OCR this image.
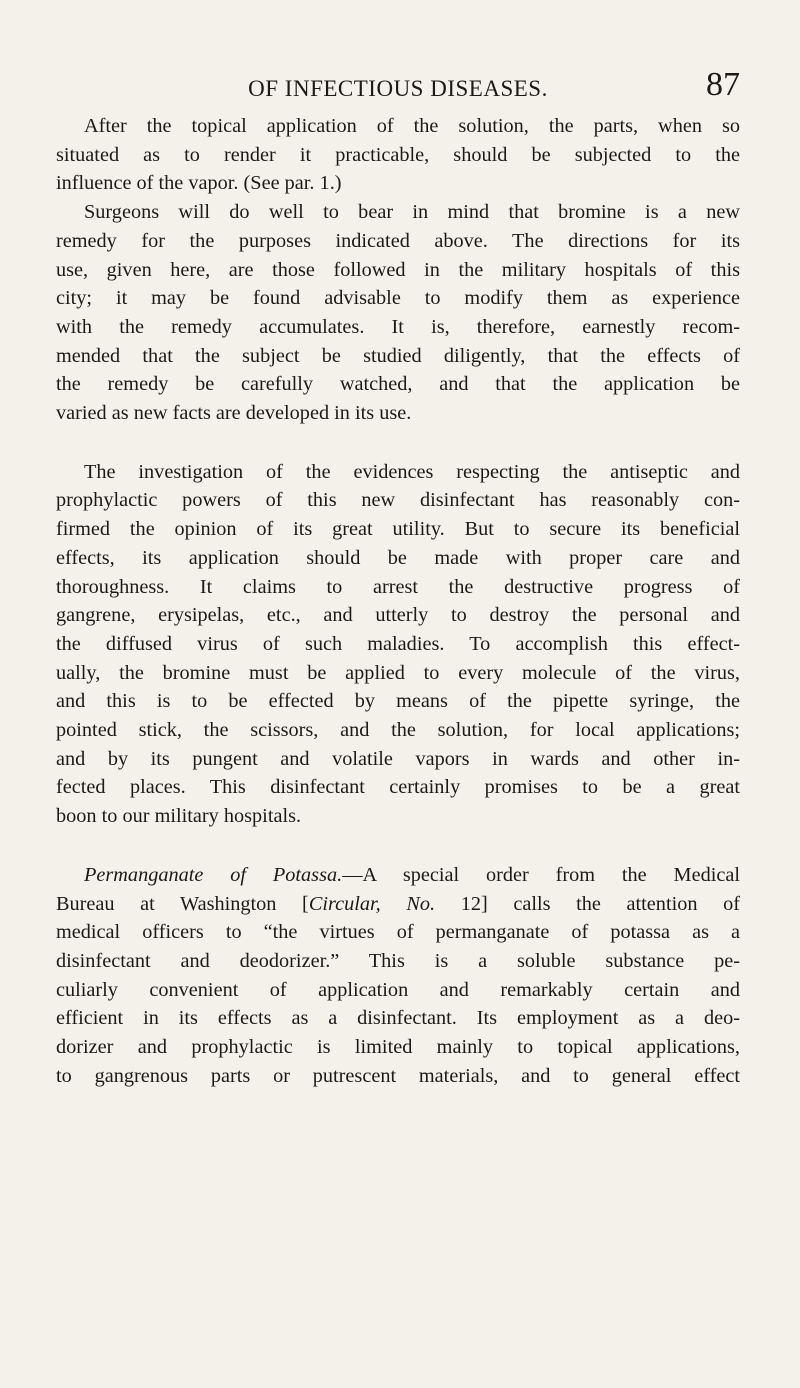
OF INFECTIOUS DISEASES.	87
After the topical application of the solution, the parts, when so
situated as to render it practicable, should be subjected to the
influence of the vapor. (See par. 1.)
Surgeons will do well to bear in mind that bromine is a new
remedy for the purposes indicated above. The directions for its
use, given here, are those followed in the military hospitals of this
city; it may be found advisable to modify them as experience
with the remedy accumulates. It is, therefore, earnestly recom-
mended that the subject be studied diligently, that the effects of
the remedy be carefully watched, and that the application be
varied as new facts are developed in its use.
The investigation of the evidences respecting the antiseptic and
prophylactic powers of this new disinfectant has reasonably con-
firmed the opinion of its great utility. But to secure its beneficial
effects, its application should be made with proper care and
thoroughness. It claims to arrest the destructive progress of
gangrene, erysipelas, etc., and utterly to destroy the personal and
the diffused virus of such maladies. To accomplish this effect-
ually, the bromine must be applied to every molecule of the virus,
and this is to be effected by means of the pipette syringe, the
pointed stick, the scissors, and the solution, for local applications;
and by its pungent and volatile vapors in wards and other in-
fected places. This disinfectant certainly promises to be a great
boon to our military hospitals.
Permanganate of Potassa.—A special order from the Medical
Bureau at Washington [Circular, No. 12] calls the attention of
medical officers to “the virtues of permanganate of potassa as a
disinfectant and deodorizer.” This is a soluble substance pe-
culiarly convenient of application and remarkably certain and
efficient in its effects as a disinfectant. Its employment as a deo-
dorizer and prophylactic is limited mainly to topical applications,
to gangrenous parts or putrescent materials, and to general effect
